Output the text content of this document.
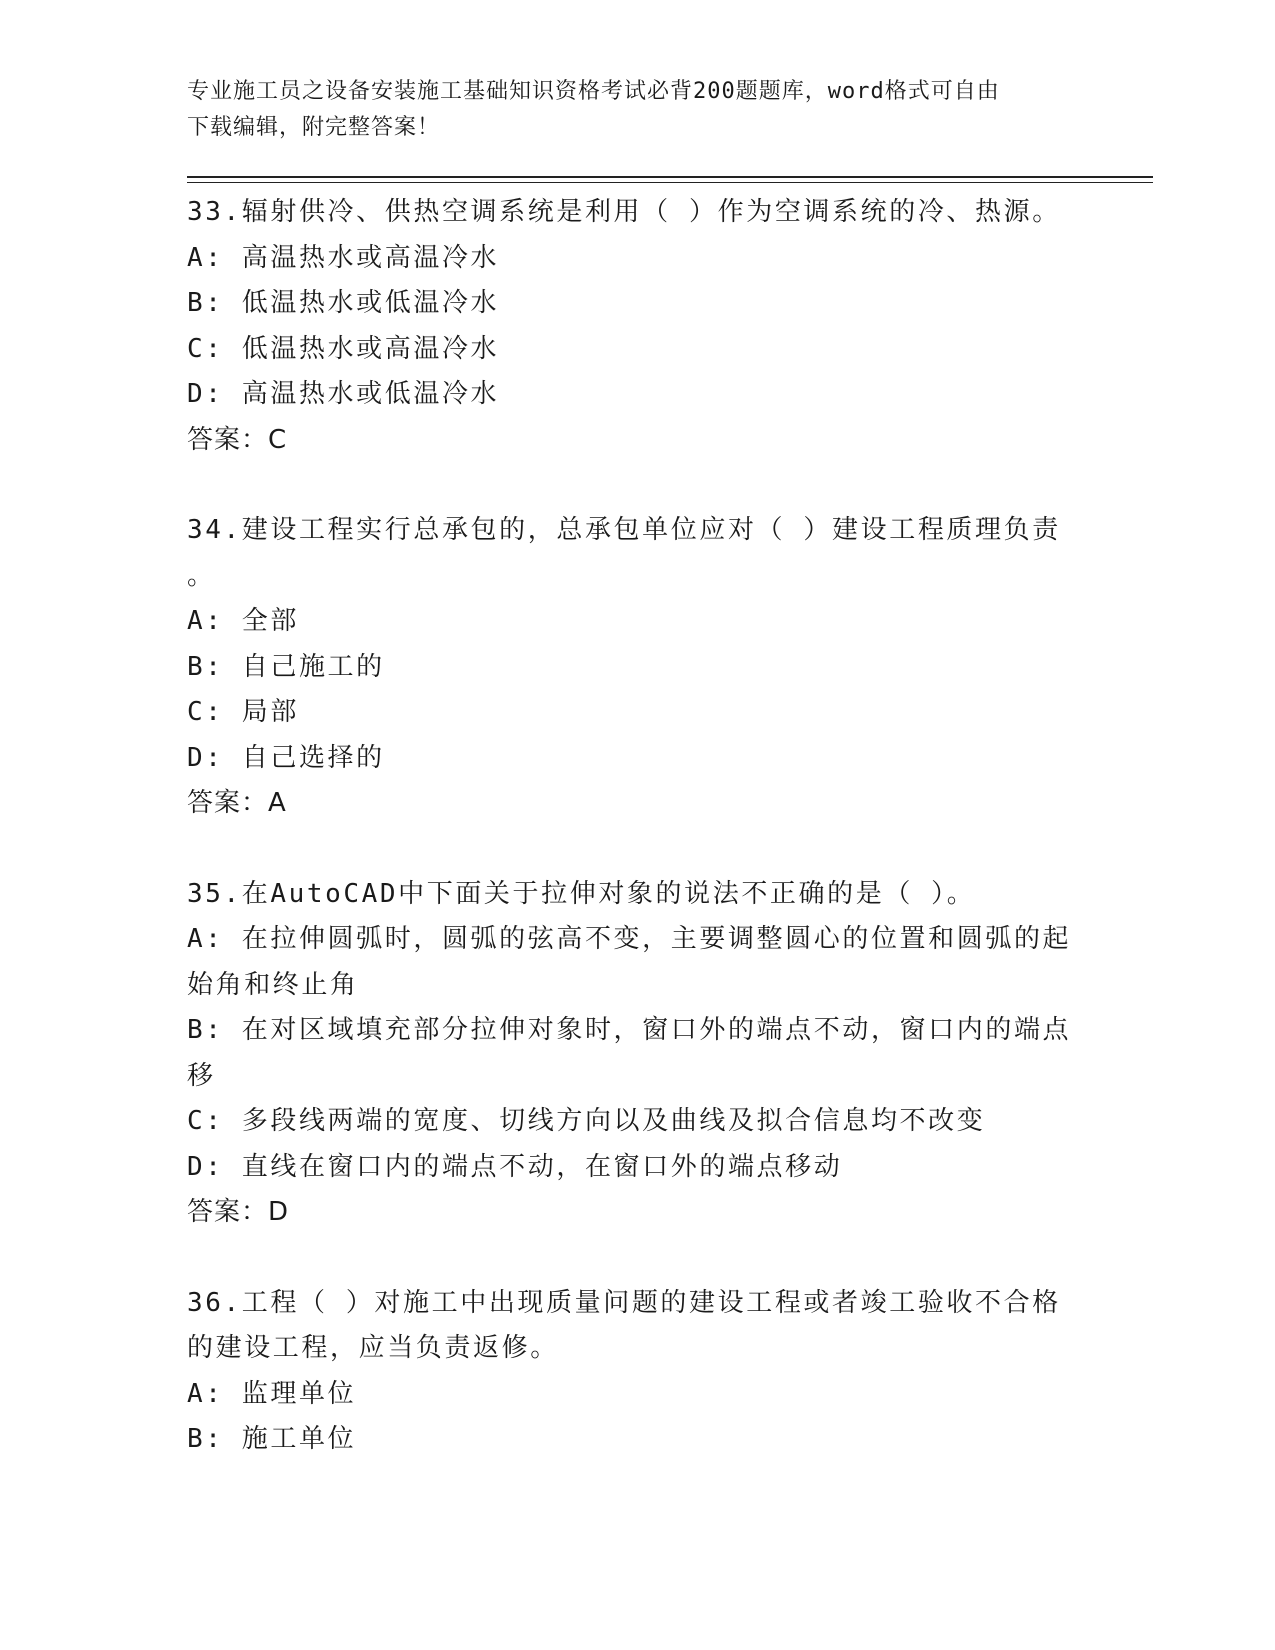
专业施工员之设备安装施工基础知识资格考试必背200题题库，word格式可自由
下载编辑，附完整答案！

33.辐射供冷、供热空调系统是利用（ ）作为空调系统的冷、热源。

A: 高温热水或高温冷水

B: 低温热水或低温冷水

C: 低温热水或高温冷水

D: 高温热水或低温冷水

答案：C

34.建设工程实行总承包的，总承包单位应对（ ）建设工程质理负责

。

A: 全部

B: 自己施工的

C: 局部

D: 自己选择的

答案：A

35.在AutoCAD中下面关于拉伸对象的说法不正确的是（ ）。

A: 在拉伸圆弧时，圆弧的弦高不变，主要调整圆心的位置和圆弧的起

始角和终止角

B: 在对区域填充部分拉伸对象时，窗口外的端点不动，窗口内的端点

移

C: 多段线两端的宽度、切线方向以及曲线及拟合信息均不改变

D: 直线在窗口内的端点不动，在窗口外的端点移动

答案：D

36.工程（ ）对施工中出现质量问题的建设工程或者竣工验收不合格

的建设工程，应当负责返修。

A: 监理单位

B: 施工单位
